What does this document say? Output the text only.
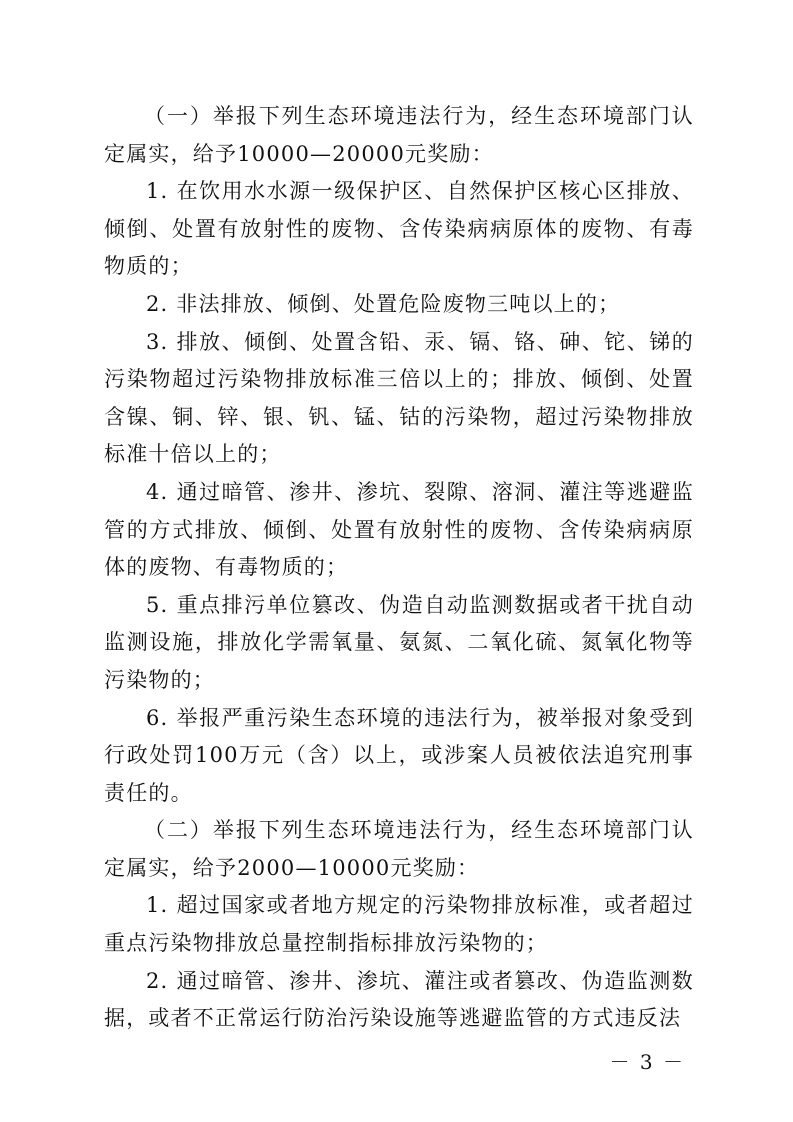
（一）举报下列生态环境违法行为，经生态环境部门认定属实，给予10000—20000元奖励：

1. 在饮用水水源一级保护区、自然保护区核心区排放、倾倒、处置有放射性的废物、含传染病病原体的废物、有毒物质的；

2. 非法排放、倾倒、处置危险废物三吨以上的；

3. 排放、倾倒、处置含铅、汞、镉、铬、砷、铊、锑的污染物超过污染物排放标准三倍以上的；排放、倾倒、处置含镍、铜、锌、银、钒、锰、钴的污染物，超过污染物排放标准十倍以上的；

4. 通过暗管、渗井、渗坑、裂隙、溶洞、灌注等逃避监管的方式排放、倾倒、处置有放射性的废物、含传染病病原体的废物、有毒物质的；

5. 重点排污单位篡改、伪造自动监测数据或者干扰自动监测设施，排放化学需氧量、氨氮、二氧化硫、氮氧化物等污染物的；

6. 举报严重污染生态环境的违法行为，被举报对象受到行政处罚100万元（含）以上，或涉案人员被依法追究刑事责任的。

（二）举报下列生态环境违法行为，经生态环境部门认定属实，给予2000—10000元奖励：

1. 超过国家或者地方规定的污染物排放标准，或者超过重点污染物排放总量控制指标排放污染物的；

2. 通过暗管、渗井、渗坑、灌注或者篡改、伪造监测数据，或者不正常运行防治污染设施等逃避监管的方式违反法

－ 3 －
